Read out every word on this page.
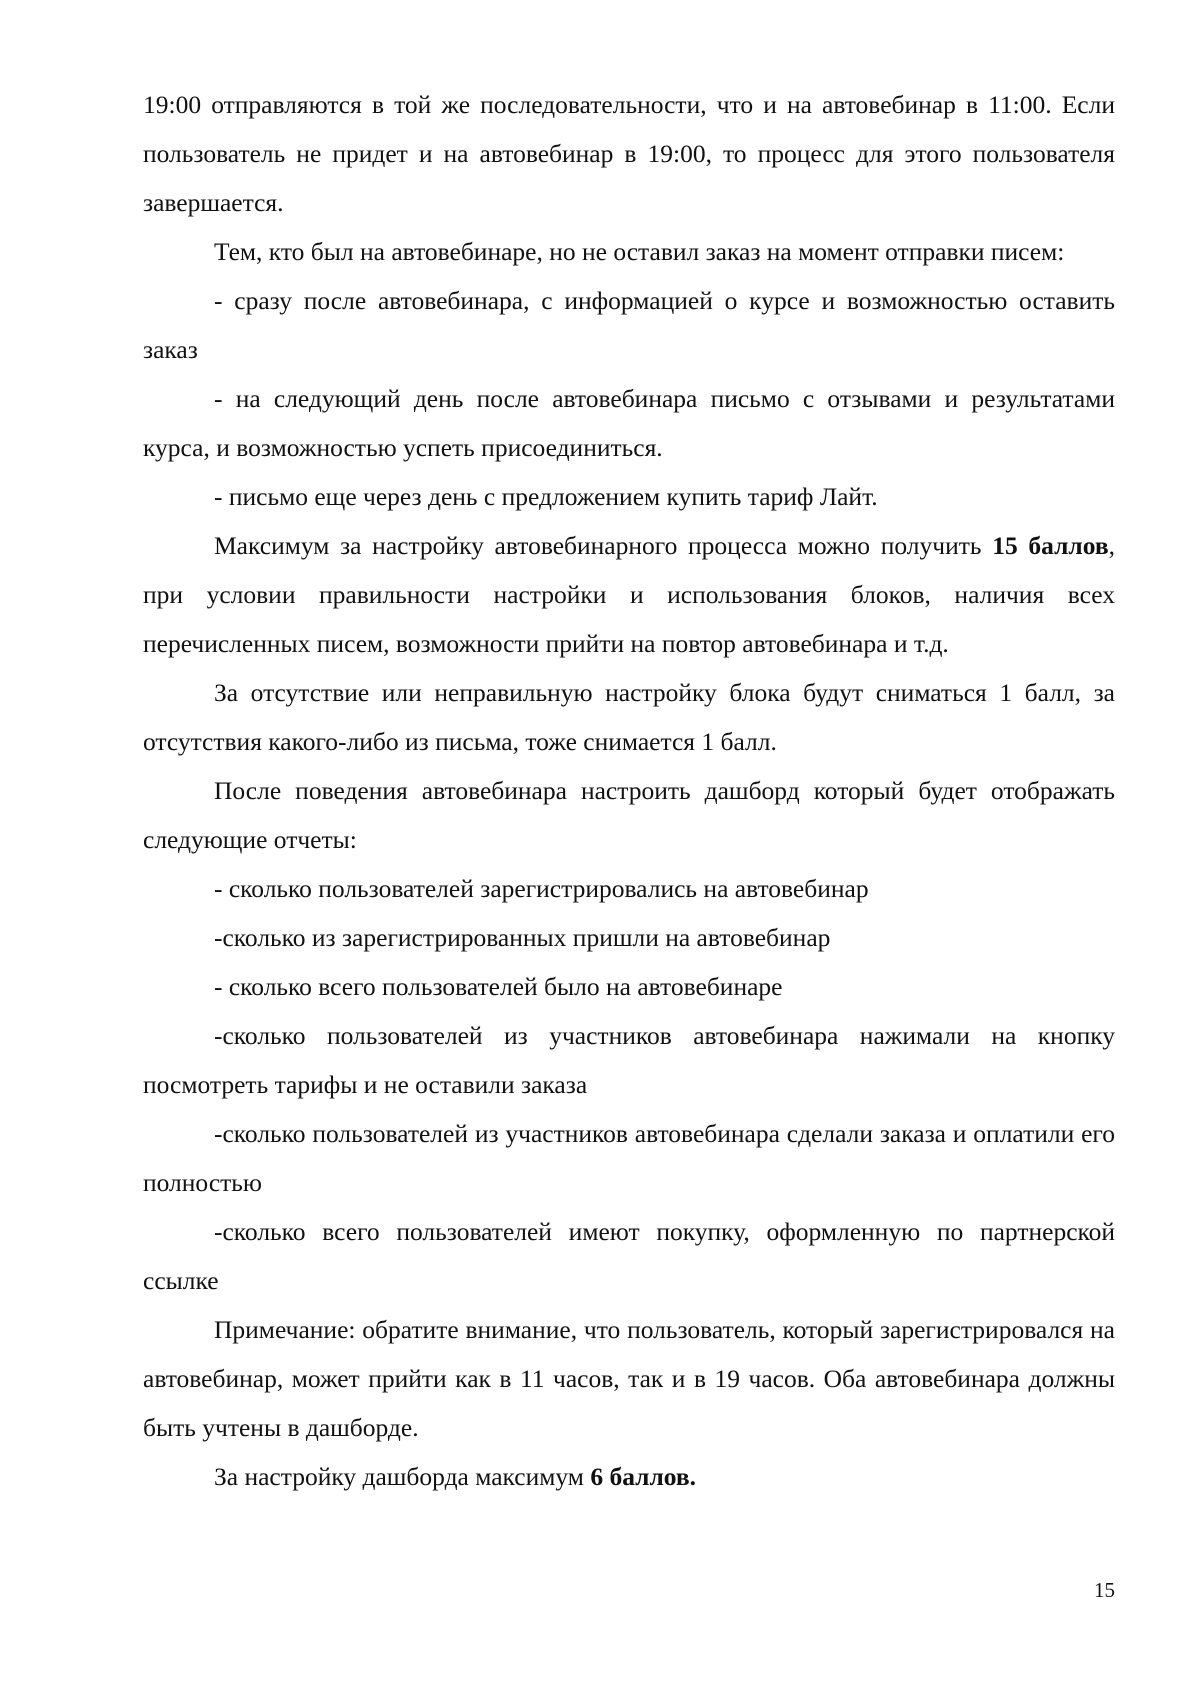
19:00 отправляются в той же последовательности, что и на автовебинар в 11:00. Если пользователь не придет и на автовебинар в 19:00, то процесс для этого пользователя завершается.

Тем, кто был на автовебинаре, но не оставил заказ на момент отправки писем:

- сразу после автовебинара, с информацией о курсе и возможностью оставить заказ

- на следующий день после автовебинара письмо с отзывами и результатами курса, и возможностью успеть присоединиться.

- письмо еще через день с предложением купить тариф Лайт.

Максимум за настройку автовебинарного процесса можно получить 15 баллов, при условии правильности настройки и использования блоков, наличия всех перечисленных писем, возможности прийти на повтор автовебинара и т.д.

За отсутствие или неправильную настройку блока будут сниматься 1 балл, за отсутствия какого-либо из письма, тоже снимается 1 балл.

После поведения автовебинара настроить дашборд который будет отображать следующие отчеты:

- сколько пользователей зарегистрировались на автовебинар

-сколько из зарегистрированных пришли на автовебинар

- сколько всего пользователей было на автовебинаре

-сколько пользователей из участников автовебинара нажимали на кнопку посмотреть тарифы и не оставили заказа

-сколько пользователей из участников автовебинара сделали заказа и оплатили его полностью

-сколько всего пользователей имеют покупку, оформленную по партнерской ссылке

Примечание: обратите внимание, что пользователь, который зарегистрировался на автовебинар, может прийти как в 11 часов, так и в 19 часов. Оба автовебинара должны быть учтены в дашборде.

За настройку дашборда максимум 6 баллов.

15
